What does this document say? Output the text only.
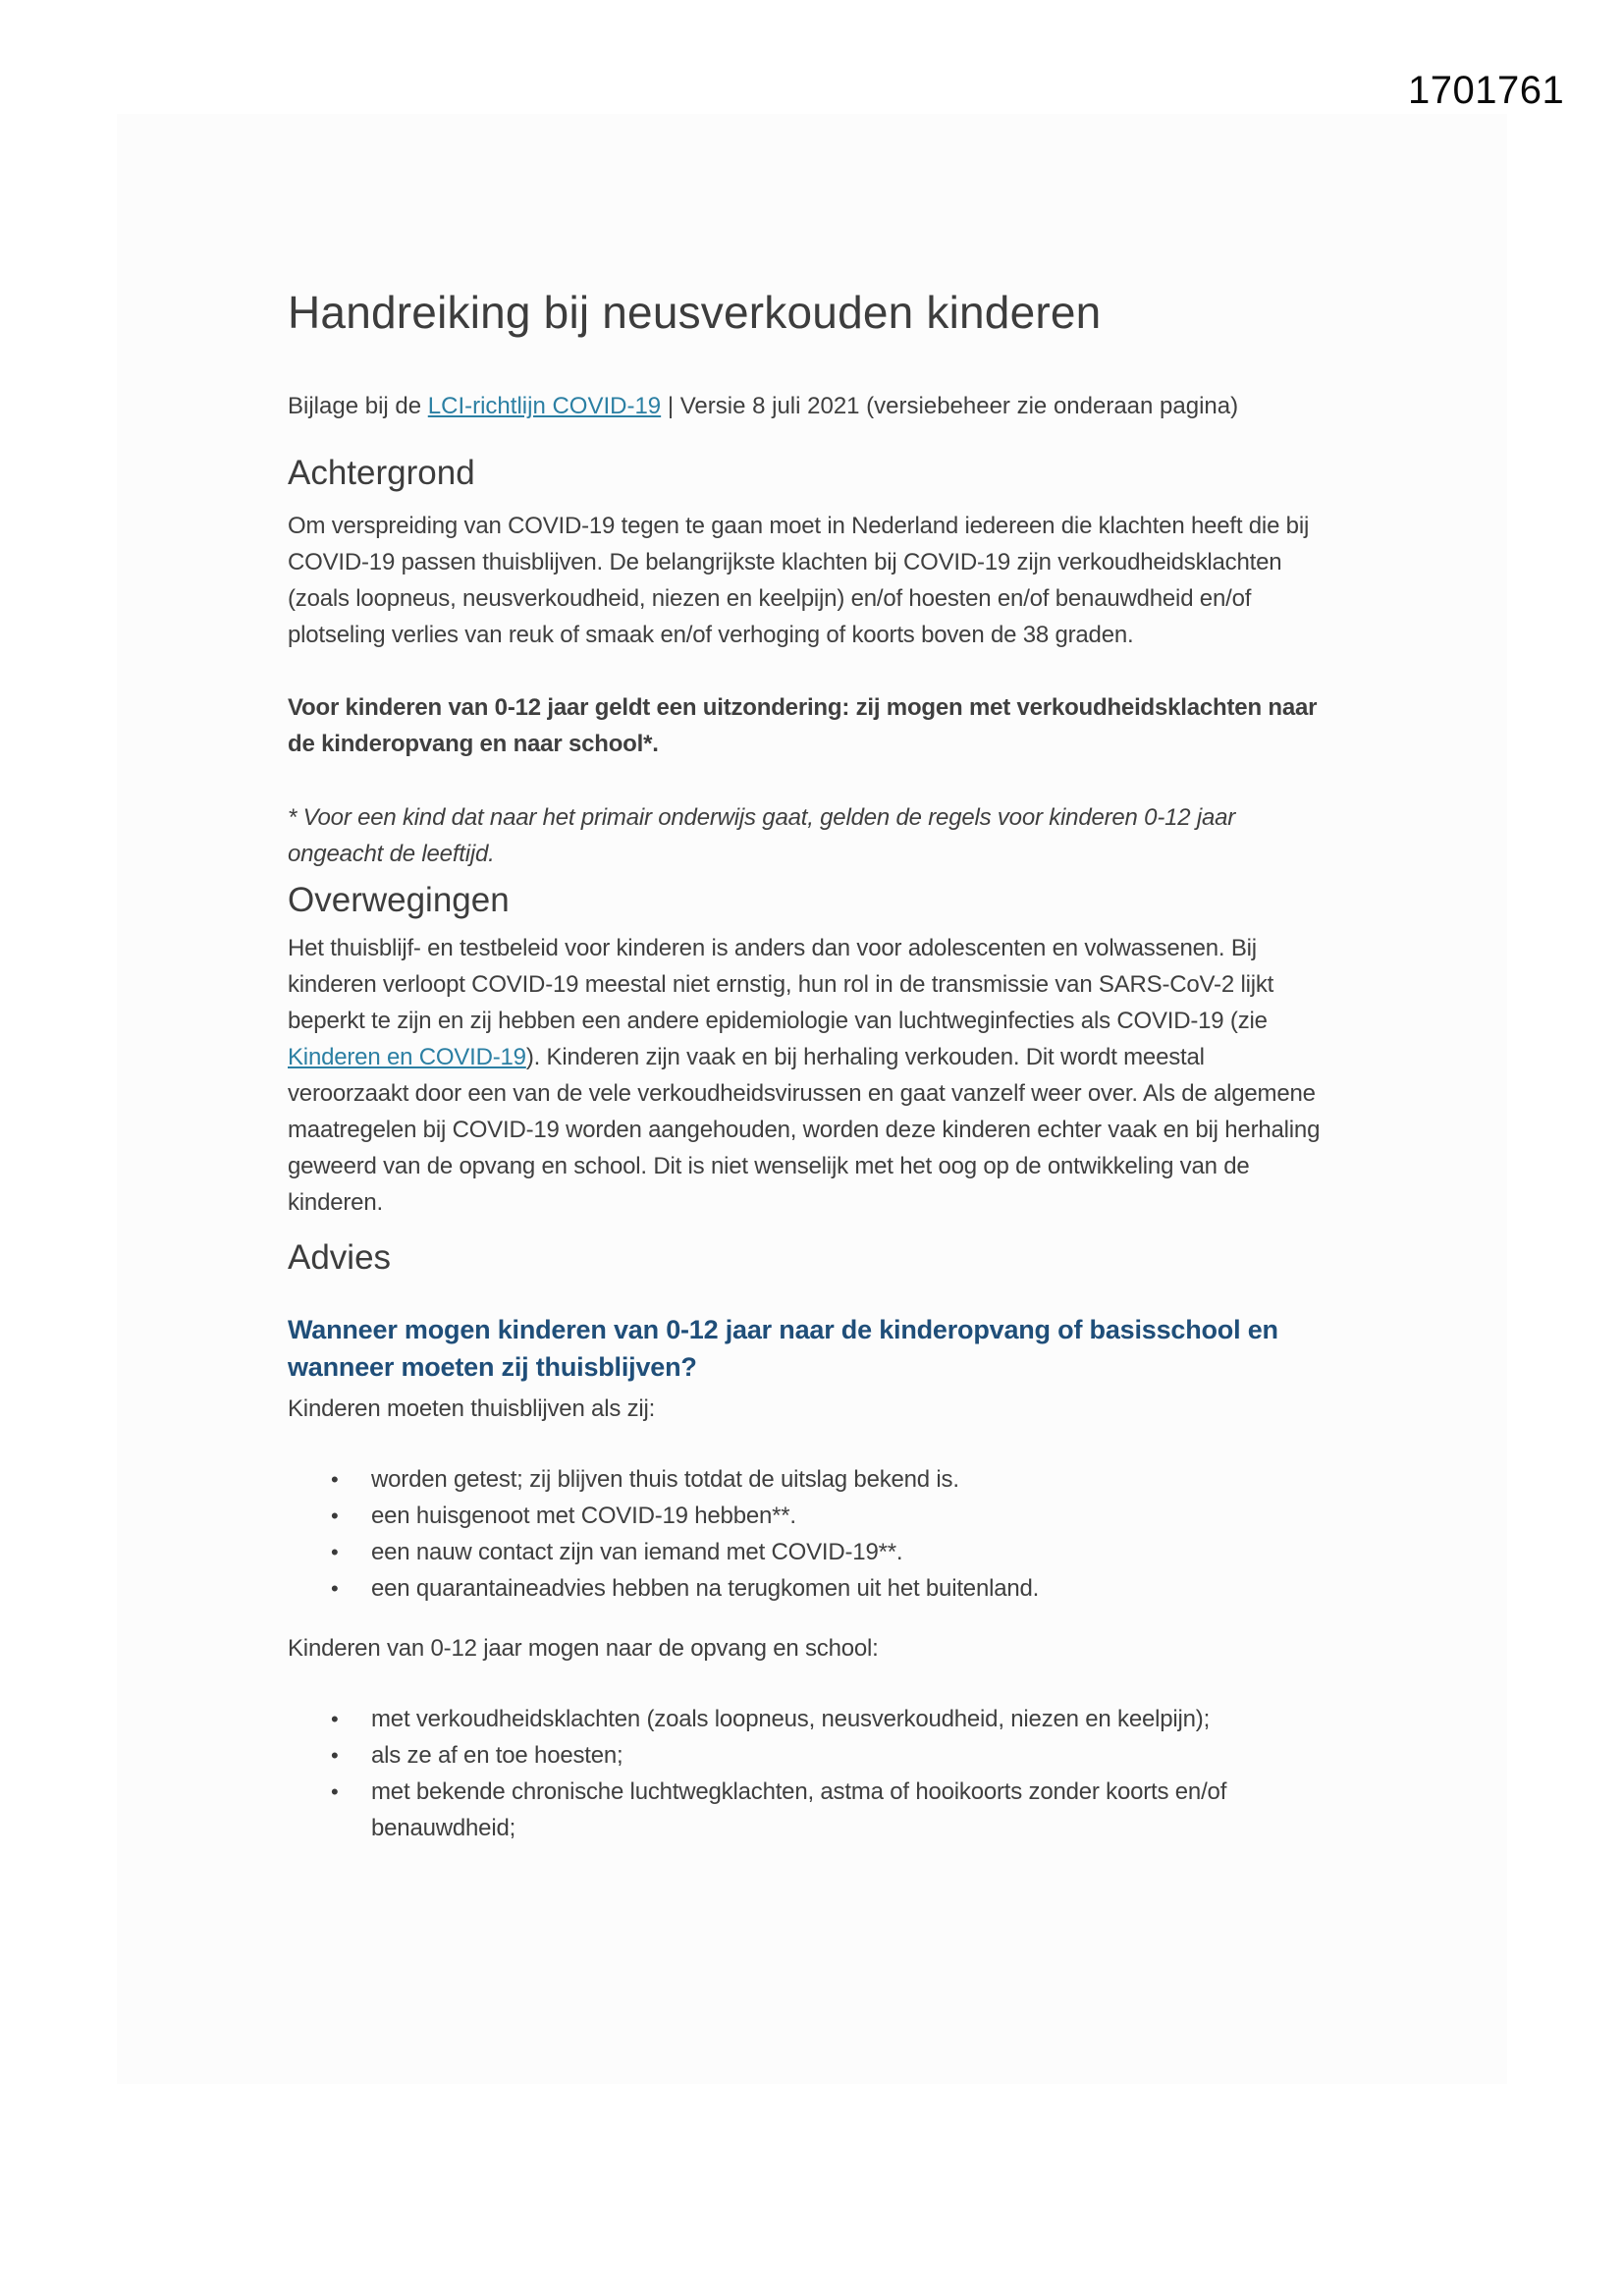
1701761
Handreiking bij neusverkouden kinderen

Bijlage bij de LCI-richtlijn COVID-19 | Versie 8 juli 2021 (versiebeheer zie onderaan pagina)

Achtergrond

Om verspreiding van COVID-19 tegen te gaan moet in Nederland iedereen die klachten heeft die bij COVID-19 passen thuisblijven. De belangrijkste klachten bij COVID-19 zijn verkoudheidsklachten (zoals loopneus, neusverkoudheid, niezen en keelpijn) en/of hoesten en/of benauwdheid en/of plotseling verlies van reuk of smaak en/of verhoging of koorts boven de 38 graden.

Voor kinderen van 0-12 jaar geldt een uitzondering: zij mogen met verkoudheidsklachten naar de kinderopvang en naar school*.

* Voor een kind dat naar het primair onderwijs gaat, gelden de regels voor kinderen 0-12 jaar ongeacht de leeftijd.

Overwegingen

Het thuisblijf- en testbeleid voor kinderen is anders dan voor adolescenten en volwassenen. Bij kinderen verloopt COVID-19 meestal niet ernstig, hun rol in de transmissie van SARS-CoV-2 lijkt beperkt te zijn en zij hebben een andere epidemiologie van luchtweginfecties als COVID-19 (zie Kinderen en COVID-19). Kinderen zijn vaak en bij herhaling verkouden. Dit wordt meestal veroorzaakt door een van de vele verkoudheidsvirussen en gaat vanzelf weer over. Als de algemene maatregelen bij COVID-19 worden aangehouden, worden deze kinderen echter vaak en bij herhaling geweerd van de opvang en school. Dit is niet wenselijk met het oog op de ontwikkeling van de kinderen.

Advies
Wanneer mogen kinderen van 0-12 jaar naar de kinderopvang of basisschool en wanneer moeten zij thuisblijven?

Kinderen moeten thuisblijven als zij:

• worden getest; zij blijven thuis totdat de uitslag bekend is.
• een huisgenoot met COVID-19 hebben**.
• een nauw contact zijn van iemand met COVID-19**.
• een quarantaineadvies hebben na terugkomen uit het buitenland.

Kinderen van 0-12 jaar mogen naar de opvang en school:

• met verkoudheidsklachten (zoals loopneus, neusverkoudheid, niezen en keelpijn);
• als ze af en toe hoesten;
• met bekende chronische luchtwegklachten, astma of hooikoorts zonder koorts en/of benauwdheid;
